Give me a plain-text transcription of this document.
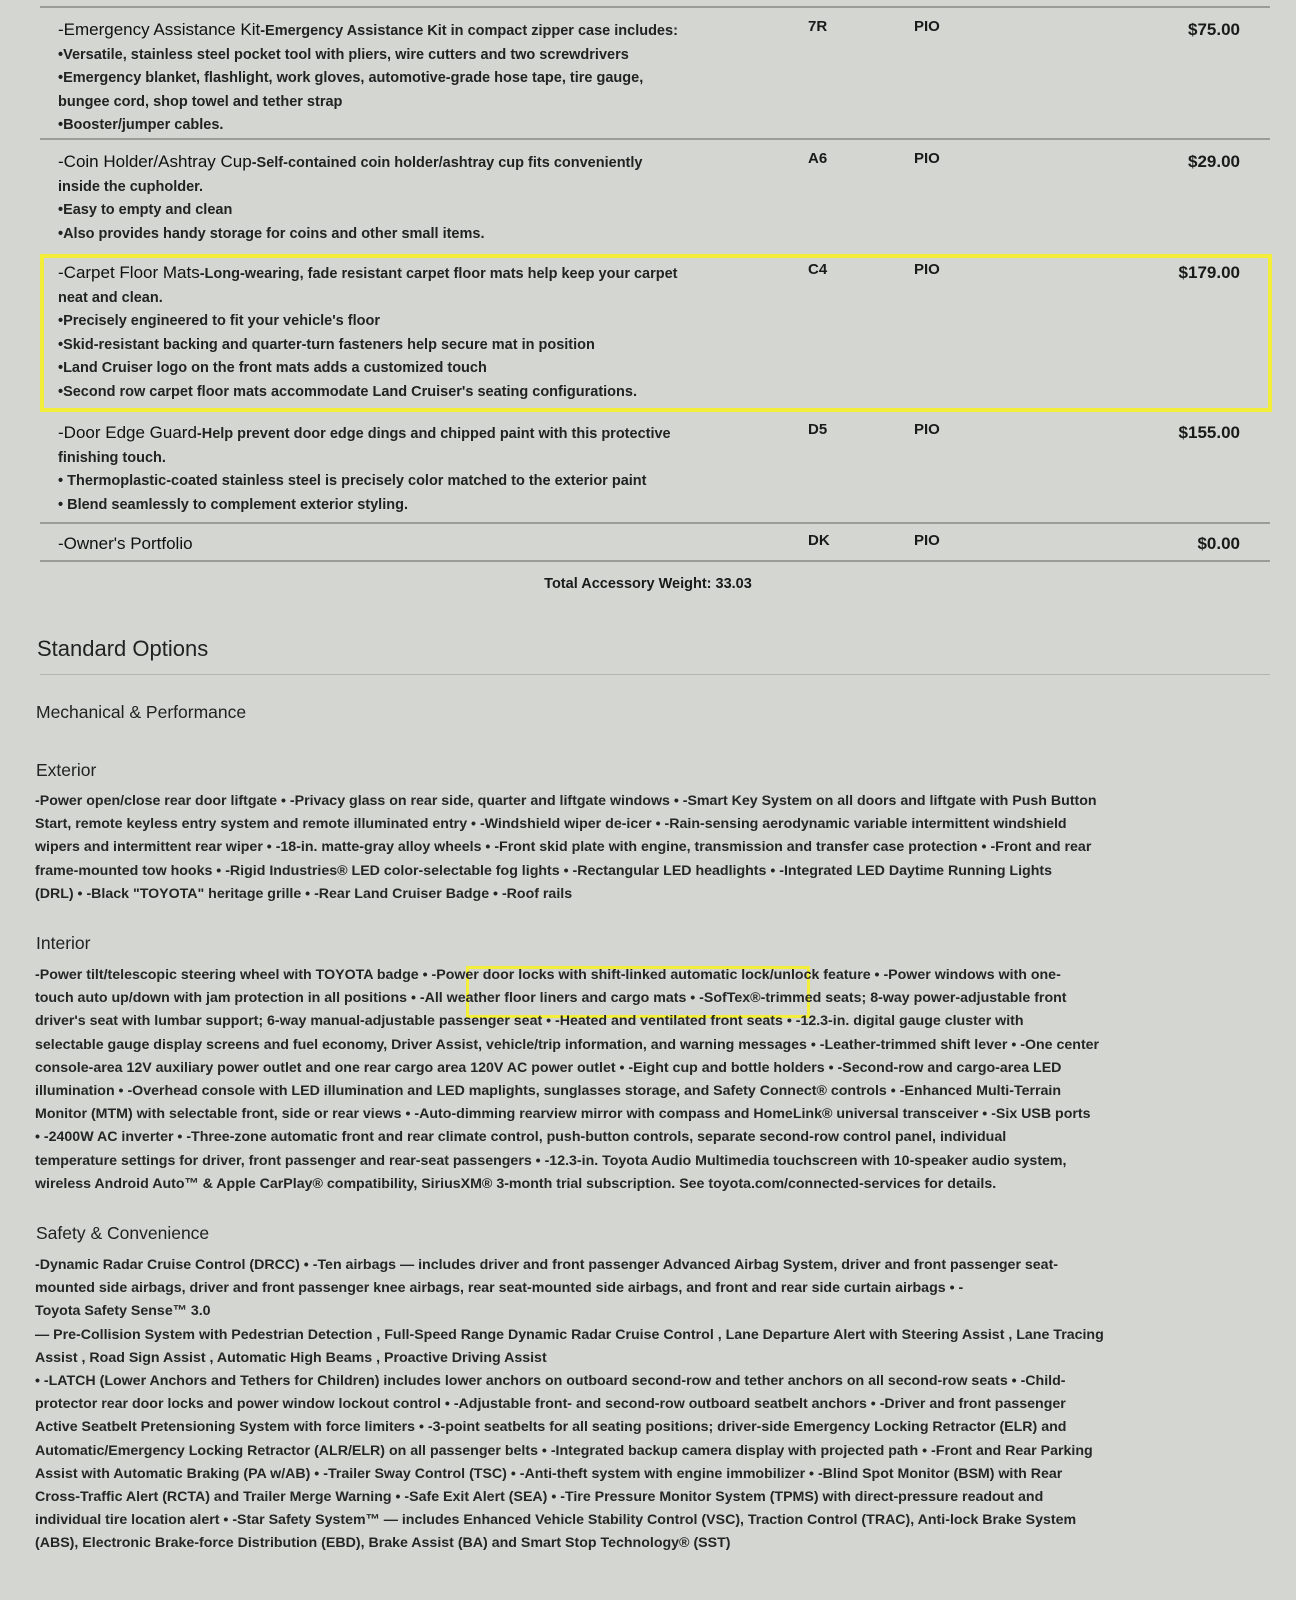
-Emergency Assistance Kit-Emergency Assistance Kit in compact zipper case includes:
•Versatile, stainless steel pocket tool with pliers, wire cutters and two screwdrivers
•Emergency blanket, flashlight, work gloves, automotive-grade hose tape, tire gauge,
bungee cord, shop towel and tether strap
•Booster/jumper cables.
7R	PIO	$75.00
-Coin Holder/Ashtray Cup-Self-contained coin holder/ashtray cup fits conveniently
inside the cupholder.
•Easy to empty and clean
•Also provides handy storage for coins and other small items.
A6	PIO	$29.00
-Carpet Floor Mats-Long-wearing, fade resistant carpet floor mats help keep your carpet
neat and clean.
•Precisely engineered to fit your vehicle's floor
•Skid-resistant backing and quarter-turn fasteners help secure mat in position
•Land Cruiser logo on the front mats adds a customized touch
•Second row carpet floor mats accommodate Land Cruiser's seating configurations.
C4	PIO	$179.00
-Door Edge Guard-Help prevent door edge dings and chipped paint with this protective
finishing touch.
• Thermoplastic-coated stainless steel is precisely color matched to the exterior paint
• Blend seamlessly to complement exterior styling.
D5	PIO	$155.00
-Owner's Portfolio	DK	PIO	$0.00
Total Accessory Weight: 33.03
Standard Options
Mechanical & Performance
Exterior
-Power open/close rear door liftgate • -Privacy glass on rear side, quarter and liftgate windows • -Smart Key System on all doors and liftgate with Push Button
Start, remote keyless entry system and remote illuminated entry • -Windshield wiper de-icer • -Rain-sensing aerodynamic variable intermittent windshield
wipers and intermittent rear wiper • -18-in. matte-gray alloy wheels • -Front skid plate with engine, transmission and transfer case protection • -Front and rear
frame-mounted tow hooks • -Rigid Industries® LED color-selectable fog lights • -Rectangular LED headlights • -Integrated LED Daytime Running Lights
(DRL) • -Black "TOYOTA" heritage grille • -Rear Land Cruiser Badge • -Roof rails
Interior
-Power tilt/telescopic steering wheel with TOYOTA badge • -Power door locks with shift-linked automatic lock/unlock feature • -Power windows with one-
touch auto up/down with jam protection in all positions • -All weather floor liners and cargo mats • -SofTex®-trimmed seats; 8-way power-adjustable front
driver's seat with lumbar support; 6-way manual-adjustable passenger seat • -Heated and ventilated front seats • -12.3-in. digital gauge cluster with
selectable gauge display screens and fuel economy, Driver Assist, vehicle/trip information, and warning messages • -Leather-trimmed shift lever • -One center
console-area 12V auxiliary power outlet and one rear cargo area 120V AC power outlet • -Eight cup and bottle holders • -Second-row and cargo-area LED
illumination • -Overhead console with LED illumination and LED maplights, sunglasses storage, and Safety Connect® controls • -Enhanced Multi-Terrain
Monitor (MTM) with selectable front, side or rear views • -Auto-dimming rearview mirror with compass and HomeLink® universal transceiver • -Six USB ports
• -2400W AC inverter • -Three-zone automatic front and rear climate control, push-button controls, separate second-row control panel, individual
temperature settings for driver, front passenger and rear-seat passengers • -12.3-in. Toyota Audio Multimedia touchscreen with 10-speaker audio system,
wireless Android Auto™ & Apple CarPlay® compatibility, SiriusXM® 3-month trial subscription. See toyota.com/connected-services for details.
Safety & Convenience
-Dynamic Radar Cruise Control (DRCC) • -Ten airbags — includes driver and front passenger Advanced Airbag System, driver and front passenger seat-
mounted side airbags, driver and front passenger knee airbags, rear seat-mounted side airbags, and front and rear side curtain airbags • -
Toyota Safety Sense™ 3.0
— Pre-Collision System with Pedestrian Detection , Full-Speed Range Dynamic Radar Cruise Control , Lane Departure Alert with Steering Assist , Lane Tracing
Assist , Road Sign Assist , Automatic High Beams , Proactive Driving Assist
• -LATCH (Lower Anchors and Tethers for Children) includes lower anchors on outboard second-row and tether anchors on all second-row seats • -Child-
protector rear door locks and power window lockout control • -Adjustable front- and second-row outboard seatbelt anchors • -Driver and front passenger
Active Seatbelt Pretensioning System with force limiters • -3-point seatbelts for all seating positions; driver-side Emergency Locking Retractor (ELR) and
Automatic/Emergency Locking Retractor (ALR/ELR) on all passenger belts • -Integrated backup camera display with projected path • -Front and Rear Parking
Assist with Automatic Braking (PA w/AB) • -Trailer Sway Control (TSC) • -Anti-theft system with engine immobilizer • -Blind Spot Monitor (BSM) with Rear
Cross-Traffic Alert (RCTA) and Trailer Merge Warning • -Safe Exit Alert (SEA) • -Tire Pressure Monitor System (TPMS) with direct-pressure readout and
individual tire location alert • -Star Safety System™ — includes Enhanced Vehicle Stability Control (VSC), Traction Control (TRAC), Anti-lock Brake System
(ABS), Electronic Brake-force Distribution (EBD), Brake Assist (BA) and Smart Stop Technology® (SST)
